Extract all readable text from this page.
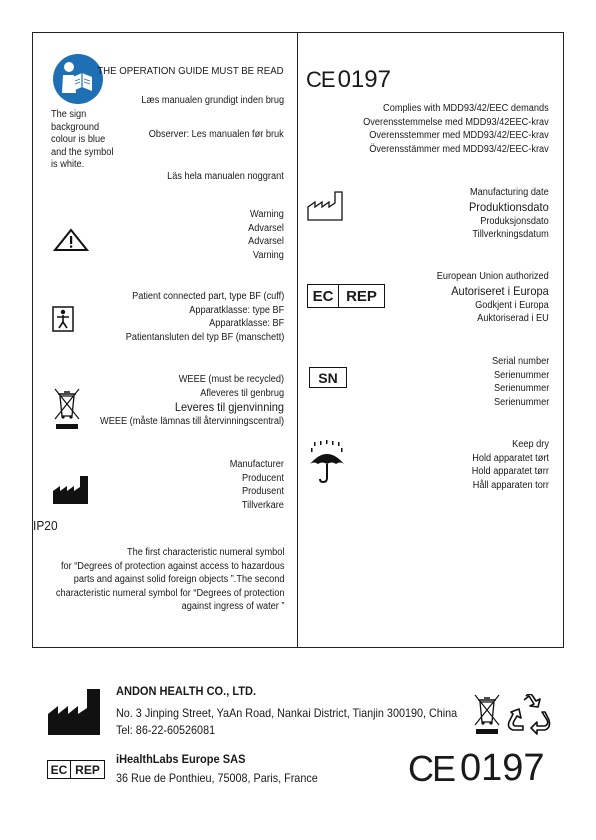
THE OPERATION GUIDE MUST BE READ
Læs manualen grundigt inden brug
Observer: Les manualen før bruk
Läs hela manualen noggrant
The sign
background
colour is blue
and the symbol
is white.
Warning
Advarsel
Advarsel
Varning
Patient connected part, type BF (cuff)
Apparatklasse: type BF
Apparatklasse: BF
Patientansluten del typ BF (manschett)
WEEE (must be recycled)
Afleveres til genbrug
Leveres til gjenvinning
WEEE (måste lämnas till återvinningscentral)
Manufacturer
Producent
Produsent
Tillverkare
IP20
The first characteristic numeral symbol
for “Degrees of protection against access to hazardous
parts and against solid foreign objects ”.The second
characteristic numeral symbol for “Degrees of protection
against ingress of water ”
CE 0197
Complies with MDD93/42/EEC demands
Overensstemmelse med MDD93/42EEC-krav
Overensstemmer med MDD93/42/EEC-krav
Överensstämmer med MDD93/42/EEC-krav
Manufacturing date
Produktionsdato
Produksjonsdato
Tillverkningsdatum
EC REP
European Union authorized
Autoriseret i Europa
Godkjent i Europa
Auktoriserad i EU
SN
Serial number
Serienummer
Serienummer
Serienummer
Keep dry
Hold apparatet tørt
Hold apparatet tørr
Håll apparaten torr
ANDON HEALTH CO., LTD.
No. 3 Jinping Street, YaAn Road, Nankai District, Tianjin 300190, China
Tel: 86-22-60526081
EC REP
iHealthLabs Europe SAS
36 Rue de Ponthieu, 75008, Paris, France	CE 0197
